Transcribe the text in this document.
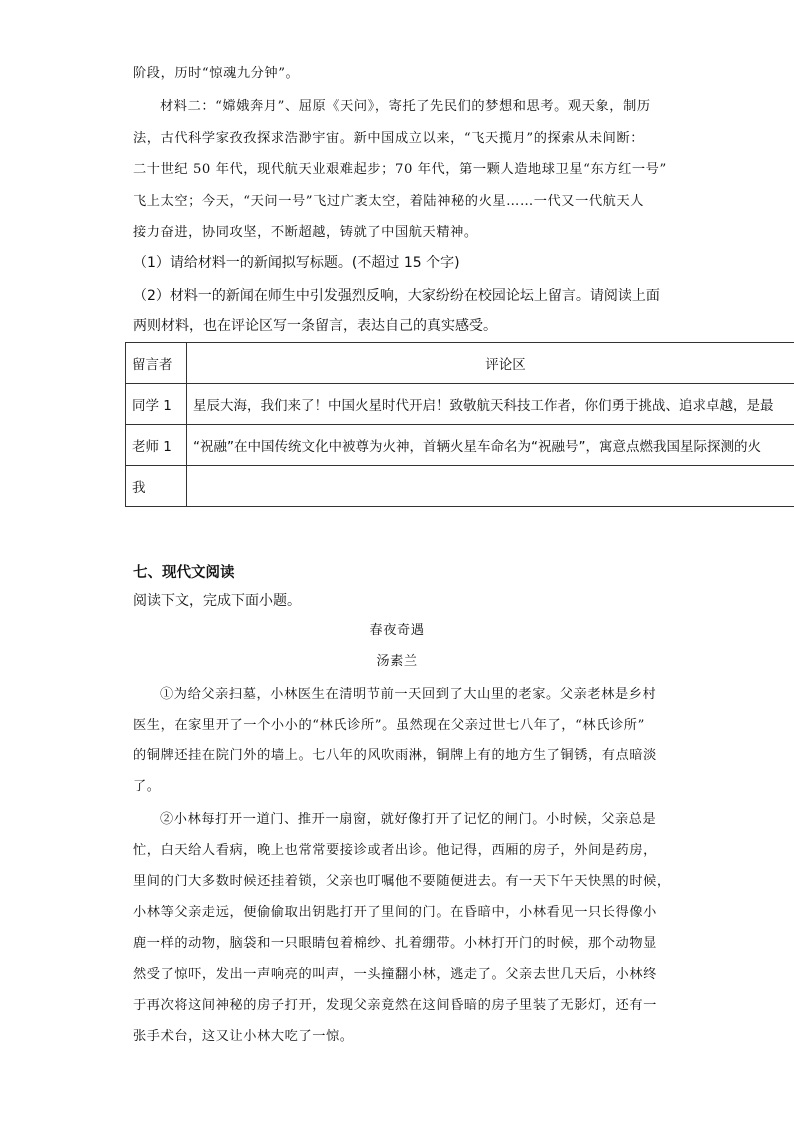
阶段，历时“惊魂九分钟”。
材料二：“嫦娥奔月”、屈原《天问》，寄托了先民们的梦想和思考。观天象，制历
法，古代科学家孜孜探求浩渺宇宙。新中国成立以来，“飞天揽月”的探索从未间断：
二十世纪 50 年代，现代航天业艰难起步；70 年代，第一颗人造地球卫星“东方红一号”
飞上太空；今天，“天问一号”飞过广袤太空，着陆神秘的火星……一代又一代航天人
接力奋进，协同攻坚，不断超越，铸就了中国航天精神。
（1）请给材料一的新闻拟写标题。(不超过 15 个字)
（2）材料一的新闻在师生中引发强烈反响，大家纷纷在校园论坛上留言。请阅读上面
两则材料，也在评论区写一条留言，表达自己的真实感受。
留言者	评论区
同学 1	星辰大海，我们来了！中国火星时代开启！致敬航天科技工作者，你们勇于挑战、追求卓越，是最
老师 1	“祝融”在中国传统文化中被尊为火神，首辆火星车命名为“祝融号”，寓意点燃我国星际探测的火
我	
七、现代文阅读
阅读下文，完成下面小题。
春夜奇遇
汤素兰
①为给父亲扫墓，小林医生在清明节前一天回到了大山里的老家。父亲老林是乡村
医生，在家里开了一个小小的“林氏诊所”。虽然现在父亲过世七八年了，“林氏诊所”
的铜牌还挂在院门外的墙上。七八年的风吹雨淋，铜牌上有的地方生了铜锈，有点暗淡
了。
②小林每打开一道门、推开一扇窗，就好像打开了记忆的闸门。小时候，父亲总是
忙，白天给人看病，晚上也常常要接诊或者出诊。他记得，西厢的房子，外间是药房，
里间的门大多数时候还挂着锁，父亲也叮嘱他不要随便进去。有一天下午天快黑的时候，
小林等父亲走远，便偷偷取出钥匙打开了里间的门。在昏暗中，小林看见一只长得像小
鹿一样的动物，脑袋和一只眼睛包着棉纱、扎着绷带。小林打开门的时候，那个动物显
然受了惊吓，发出一声响亮的叫声，一头撞翻小林，逃走了。父亲去世几天后，小林终
于再次将这间神秘的房子打开，发现父亲竟然在这间昏暗的房子里装了无影灯，还有一
张手术台，这又让小林大吃了一惊。
